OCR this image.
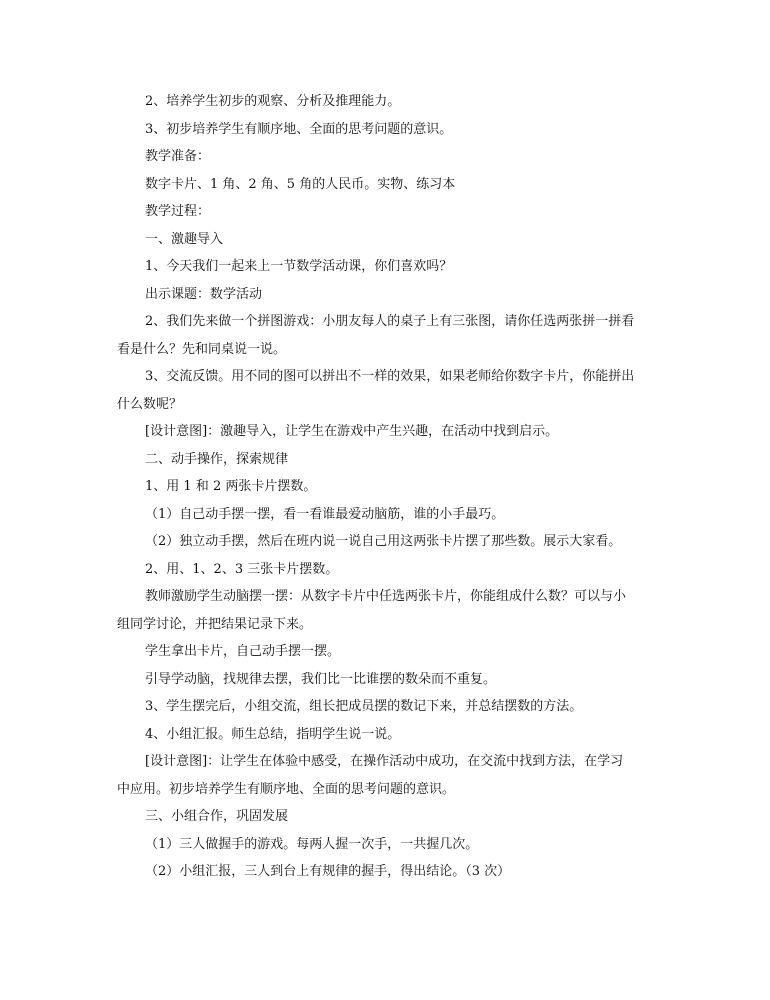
2、培养学生初步的观察、分析及推理能力。

3、初步培养学生有顺序地、全面的思考问题的意识。

教学准备：

数字卡片、1 角、2 角、5 角的人民币。实物、练习本

教学过程：

一、激趣导入

1、今天我们一起来上一节数学活动课，你们喜欢吗？

出示课题：数学活动

2、我们先来做一个拼图游戏：小朋友每人的桌子上有三张图，请你任选两张拼一拼看
看是什么？先和同桌说一说。

3、交流反馈。用不同的图可以拼出不一样的效果，如果老师给你数字卡片，你能拼出
什么数呢？

[设计意图]：激趣导入，让学生在游戏中产生兴趣，在活动中找到启示。

二、动手操作，探索规律

1、用 1 和 2 两张卡片摆数。

（1）自己动手摆一摆，看一看谁最爱动脑筋，谁的小手最巧。

（2）独立动手摆，然后在班内说一说自己用这两张卡片摆了那些数。展示大家看。

2、用、1、2、3 三张卡片摆数。

教师激励学生动脑摆一摆：从数字卡片中任选两张卡片，你能组成什么数？可以与小
组同学讨论，并把结果记录下来。

学生拿出卡片，自己动手摆一摆。

引导学动脑，找规律去摆，我们比一比谁摆的数朵而不重复。

3、学生摆完后，小组交流，组长把成员摆的数记下来，并总结摆数的方法。

4、小组汇报。师生总结，指明学生说一说。

[设计意图]：让学生在体验中感受，在操作活动中成功，在交流中找到方法，在学习
中应用。初步培养学生有顺序地、全面的思考问题的意识。

三、小组合作，巩固发展

（1）三人做握手的游戏。每两人握一次手，一共握几次。

（2）小组汇报，三人到台上有规律的握手，得出结论。（3 次）
